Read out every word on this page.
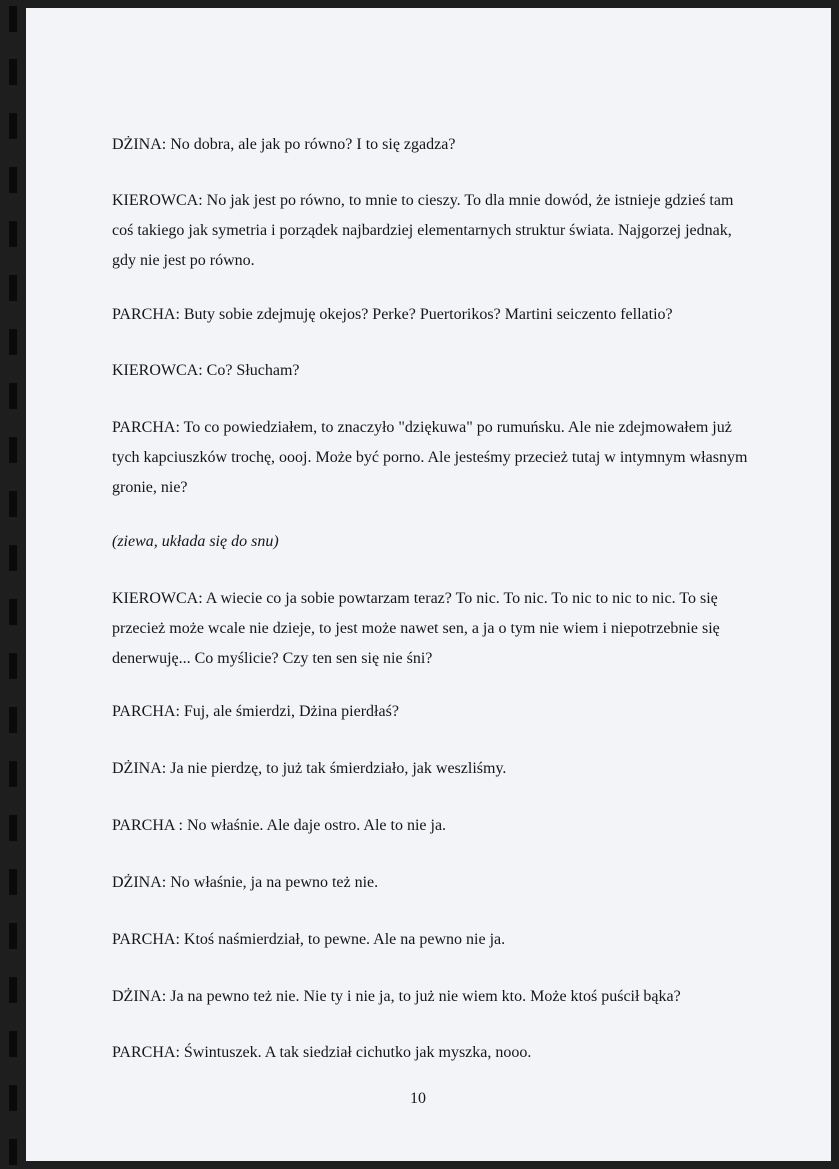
DŻINA: No dobra, ale jak po równo? I to się zgadza?

KIEROWCA: No jak jest po równo, to mnie to cieszy. To dla mnie dowód, że istnieje gdzieś tam coś takiego jak symetria i porządek najbardziej elementarnych struktur świata. Najgorzej jednak, gdy nie jest po równo.

PARCHA: Buty sobie zdejmuję okejos? Perke? Puertorikos? Martini seiczento fellatio?

KIEROWCA: Co? Słucham?

PARCHA: To co powiedziałem, to znaczyło "dziękuwa" po rumuńsku. Ale nie zdejmowałem już tych kapciuszków trochę, oooj. Może być porno. Ale jesteśmy przecież tutaj w intymnym własnym gronie, nie?

(ziewa, układa się do snu)

KIEROWCA: A wiecie co ja sobie powtarzam teraz? To nic. To nic. To nic to nic to nic. To się przecież może wcale nie dzieje, to jest może nawet sen, a ja o tym nie wiem i niepotrzebnie się denerwuję... Co myślicie? Czy ten sen się nie śni?

PARCHA: Fuj, ale śmierdzi, Dżina pierdłaś?

DŻINA: Ja nie pierdzę, to już tak śmierdziało, jak weszliśmy.

PARCHA : No właśnie. Ale daje ostro. Ale to nie ja.

DŻINA: No właśnie, ja na pewno też nie.

PARCHA: Ktoś naśmierdział, to pewne. Ale na pewno nie ja.

DŻINA: Ja na pewno też nie. Nie ty i nie ja, to już nie wiem kto. Może ktoś puścił bąka?

PARCHA: Świntuszek. A tak siedział cichutko jak myszka, nooo.

10
